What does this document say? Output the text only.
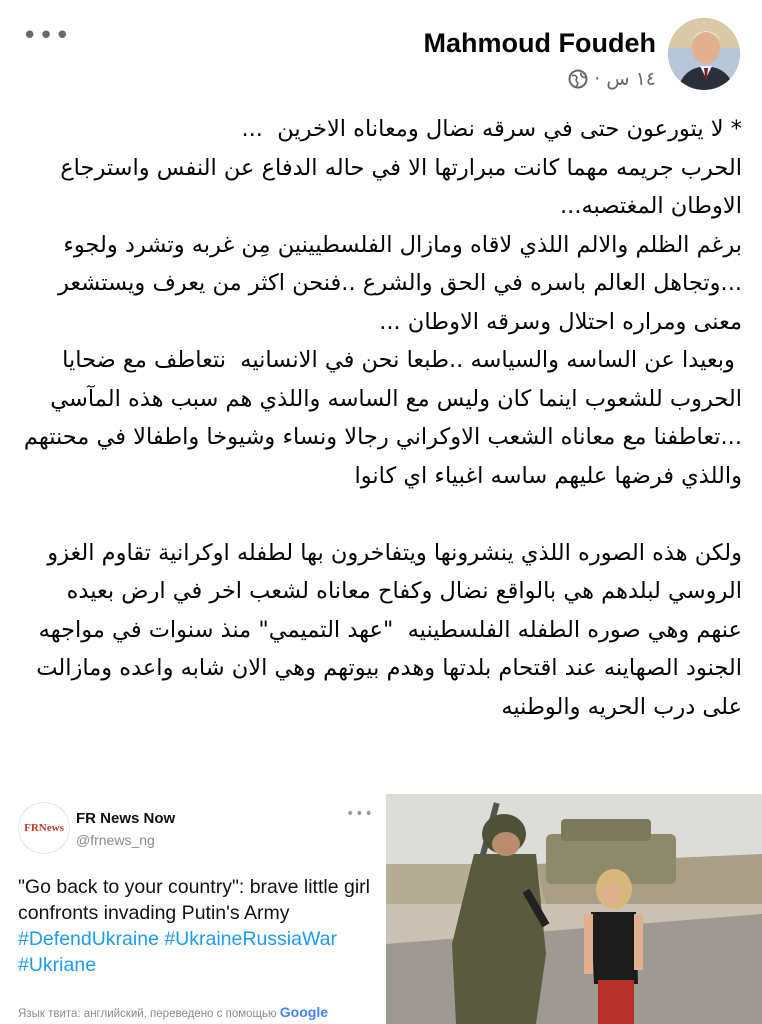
•••	Mahmoud Foudeh
١٤ س ·
* لا يتورعون حتى في سرقه نضال ومعاناه الاخرين  ...
الحرب جريمه مهما كانت مبرارتها الا في حاله الدفاع عن النفس واسترجاع الاوطان المغتصبه...
برغم الظلم والالم اللذي لاقاه ومازال الفلسطيينين مِن غربه وتشرد ولجوء ...وتجاهل العالم باسره في الحق والشرع ..فنحن اكثر من يعرف ويستشعر معنى ومراره احتلال وسرقه الاوطان ...
وبعيدا عن الساسه والسياسه ..طبعا نحن في الانسانيه  نتعاطف مع ضحايا الحروب للشعوب اينما كان وليس مع الساسه واللذي هم سبب هذه المآسي ...تعاطفنا مع معاناه الشعب الاوكراني رجالا ونساء وشيوخا واطفالا في محنتهم واللذي فرضها عليهم ساسه اغبياء اي كانوا

ولكن هذه الصوره اللذي ينشرونها ويتفاخرون بها لطفله اوكرانية تقاوم الغزو الروسي لبلدهم هي بالواقع نضال وكفاح معاناه لشعب اخر في ارض بعيده عنهم وهي صوره الطفله الفلسطينيه  "عهد التميمي" منذ سنوات في مواجهه الجنود الصهاينه عند اقتحام بلدتها وهدم بيوتهم وهي الان شابه واعده ومازالت على درب الحريه والوطنيه
FRNews
FR News Now
@frnews_ng
•••
"Go back to your country": brave little girl confronts invading Putin's Army #DefendUkraine #UkraineRussiaWar #Ukriane
Язык твита: английский, переведено с помощью Google
